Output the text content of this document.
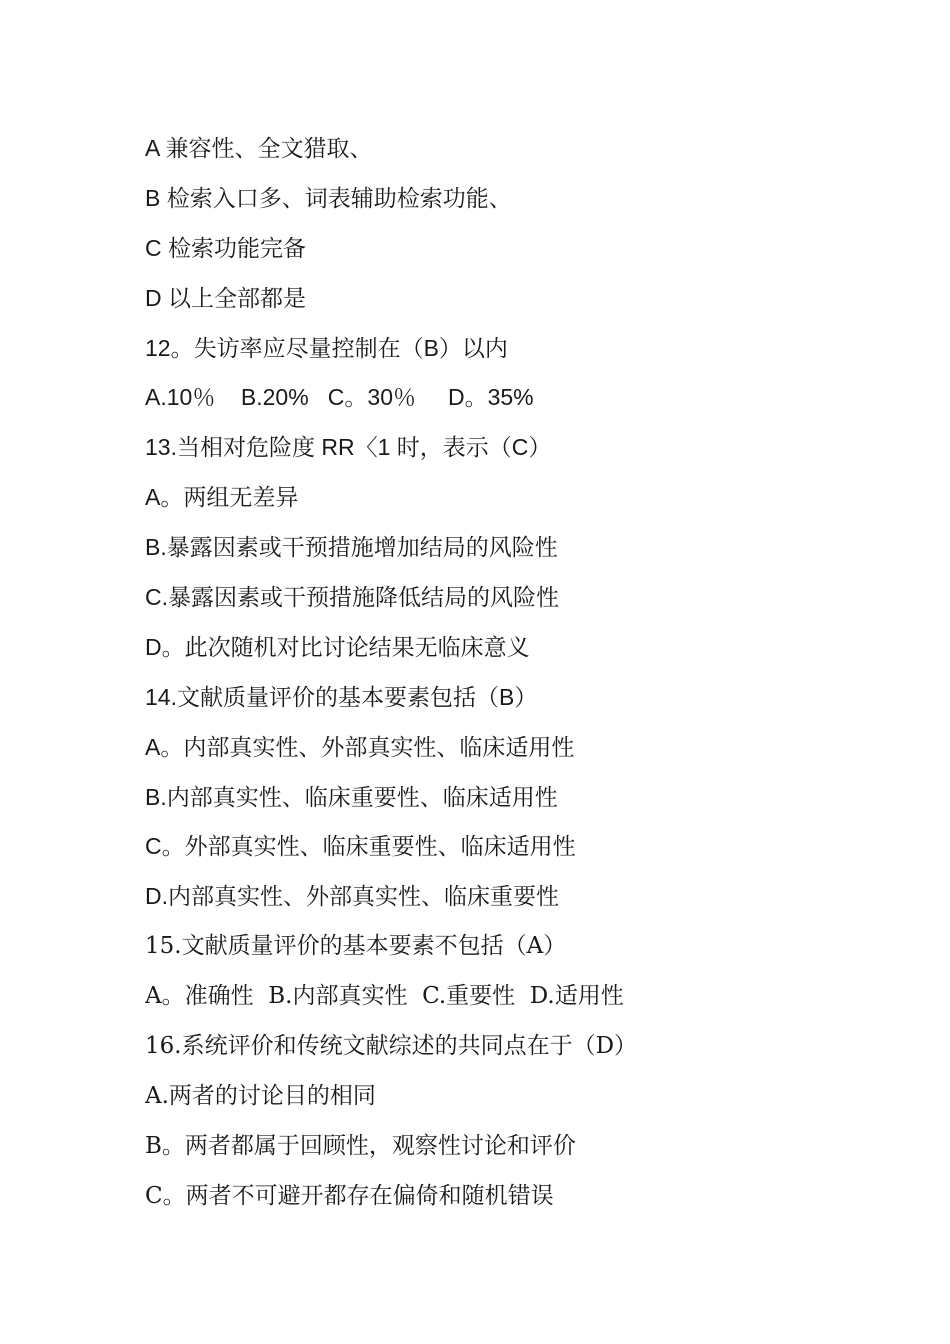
A 兼容性、全文猎取、
B 检索入口多、词表辅助检索功能、
C 检索功能完备
D 以上全部都是
12。失访率应尽量控制在（B）以内
A.10％    B.20%   C。30％     D。35%
13.当相对危险度 RR〈1 时，表示（C）
A。两组无差异
B.暴露因素或干预措施增加结局的风险性
C.暴露因素或干预措施降低结局的风险性
D。此次随机对比讨论结果无临床意义
14.文献质量评价的基本要素包括（B）
A。内部真实性、外部真实性、临床适用性
B.内部真实性、临床重要性、临床适用性
C。外部真实性、临床重要性、临床适用性
D.内部真实性、外部真实性、临床重要性
15.文献质量评价的基本要素不包括（A）
A。准确性  B.内部真实性  C.重要性  D.适用性
16.系统评价和传统文献综述的共同点在于（D）
A.两者的讨论目的相同
B。两者都属于回顾性，观察性讨论和评价
C。两者不可避开都存在偏倚和随机错误
